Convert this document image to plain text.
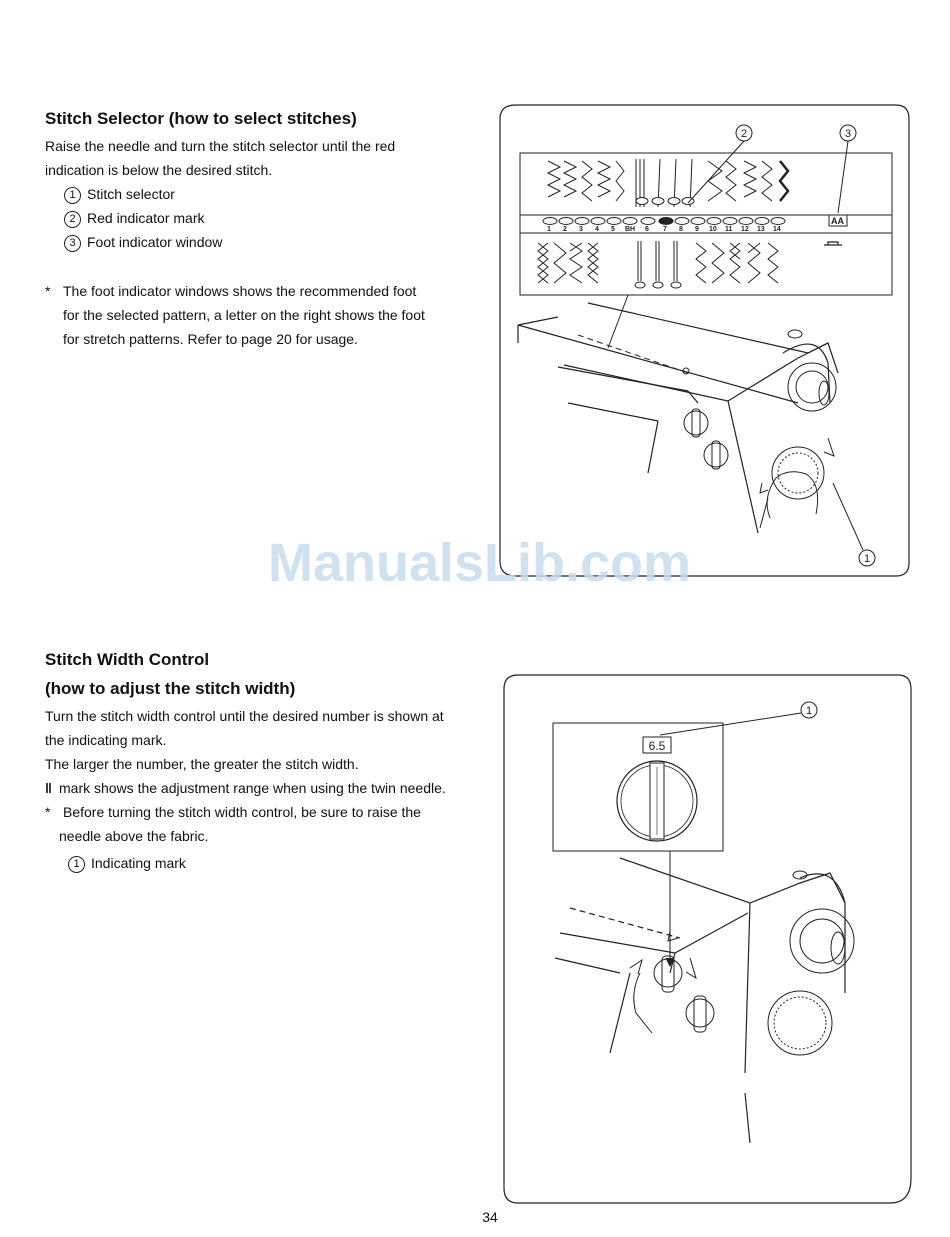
Stitch Selector (how to select stitches)
Raise the needle and turn the stitch selector until the red
indication is below the desired stitch.
1 Stitch selector
2 Red indicator mark
3 Foot indicator window
* The foot indicator windows shows the recommended foot
for the selected pattern, a letter on the right shows the foot
for stretch patterns. Refer to page 20 for usage.
1 2 3 4 5 BH 6 7 8 9 10 11 12 13 14
AA
2	3
1
ManualsLib.com
Stitch Width Control
(how to adjust the stitch width)
Turn the stitch width control until the desired number is shown at
the indicating mark.
The larger the number, the greater the stitch width.
ǁ mark shows the adjustment range when using the twin needle.
* Before turning the stitch width control, be sure to raise the
needle above the fabric.
1 Indicating mark
6.5
1
34
